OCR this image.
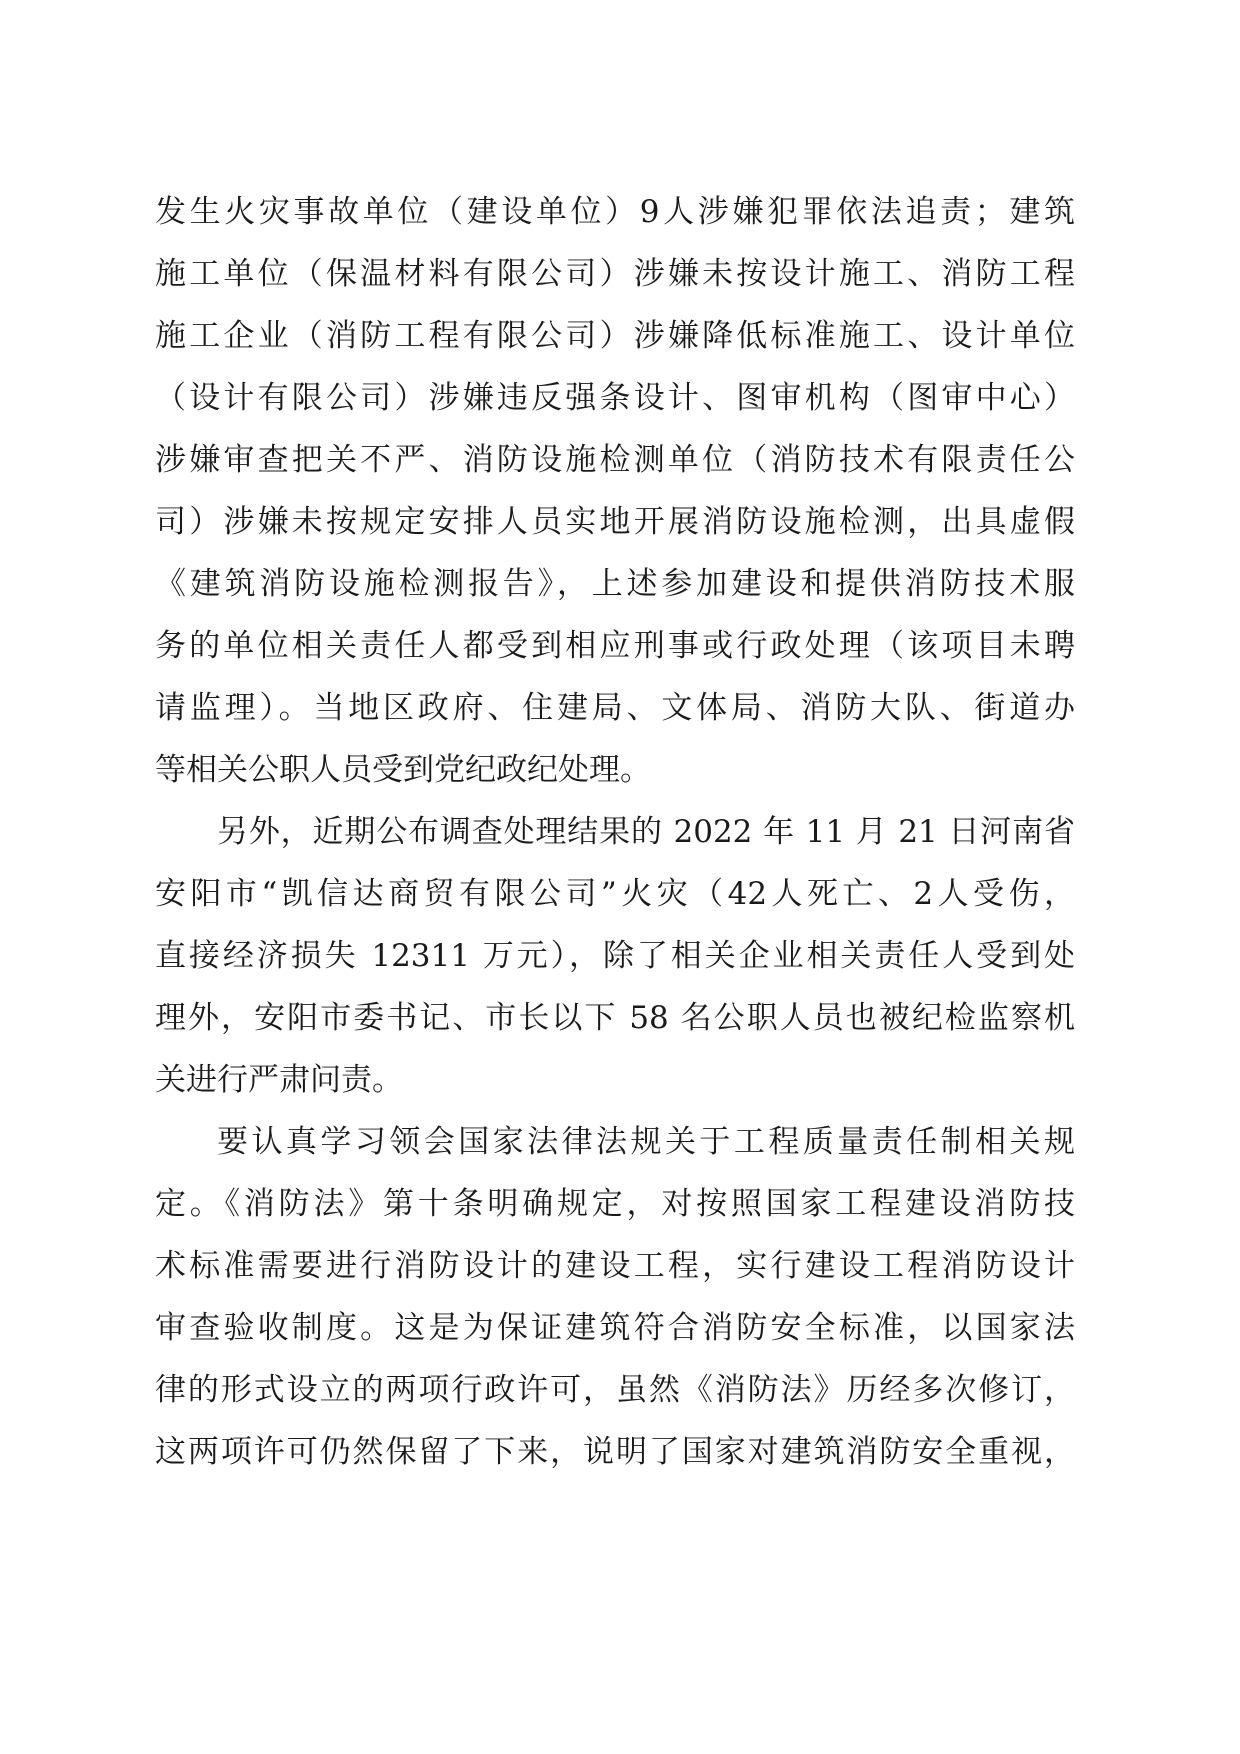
发生火灾事故单位（建设单位）9人涉嫌犯罪依法追责；建筑
施工单位（保温材料有限公司）涉嫌未按设计施工、消防工程
施工企业（消防工程有限公司）涉嫌降低标准施工、设计单位
（设计有限公司）涉嫌违反强条设计、图审机构（图审中心）
涉嫌审查把关不严、消防设施检测单位（消防技术有限责任公
司）涉嫌未按规定安排人员实地开展消防设施检测，出具虚假
《建筑消防设施检测报告》，上述参加建设和提供消防技术服
务的单位相关责任人都受到相应刑事或行政处理（该项目未聘
请监理）。当地区政府、住建局、文体局、消防大队、街道办
等相关公职人员受到党纪政纪处理。
另外，近期公布调查处理结果的 2022 年 11 月 21 日河南省
安阳市“凯信达商贸有限公司”火灾（42人死亡、2人受伤，
直接经济损失 12311 万元），除了相关企业相关责任人受到处
理外，安阳市委书记、市长以下 58 名公职人员也被纪检监察机
关进行严肃问责。
要认真学习领会国家法律法规关于工程质量责任制相关规
定。《消防法》第十条明确规定，对按照国家工程建设消防技
术标准需要进行消防设计的建设工程，实行建设工程消防设计
审查验收制度。这是为保证建筑符合消防安全标准，以国家法
律的形式设立的两项行政许可，虽然《消防法》历经多次修订，
这两项许可仍然保留了下来，说明了国家对建筑消防安全重视，
